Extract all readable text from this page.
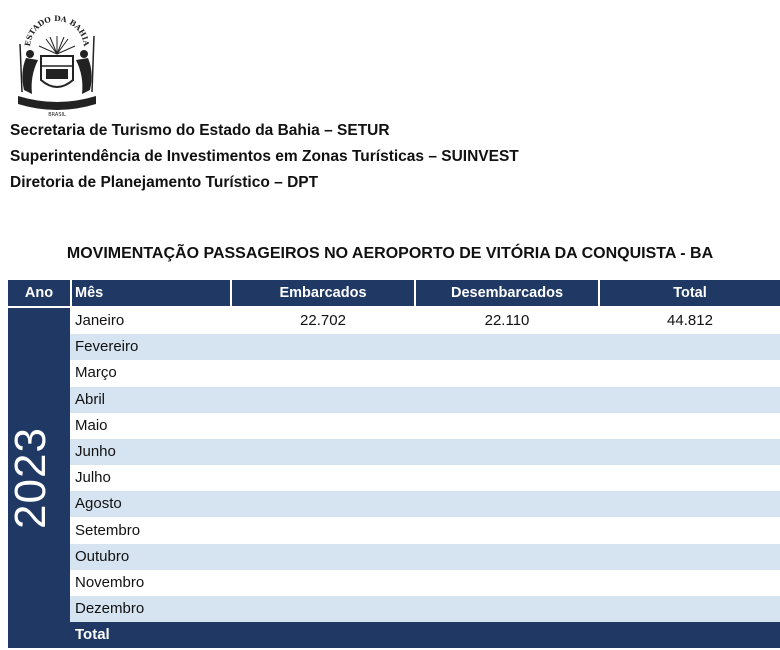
ESTADO DA BAHIA
BRASIL
Secretaria de Turismo do Estado da Bahia – SETUR
Superintendência de Investimentos em Zonas Turísticas – SUINVEST
Diretoria de Planejamento Turístico – DPT
MOVIMENTAÇÃO PASSAGEIROS NO AEROPORTO DE VITÓRIA DA CONQUISTA - BA
Ano	Mês	Embarcados	Desembarcados	Total
2023
Janeiro	22.702	22.110	44.812
Fevereiro
Março
Abril
Maio
Junho
Julho
Agosto
Setembro
Outubro
Novembro
Dezembro
Total
